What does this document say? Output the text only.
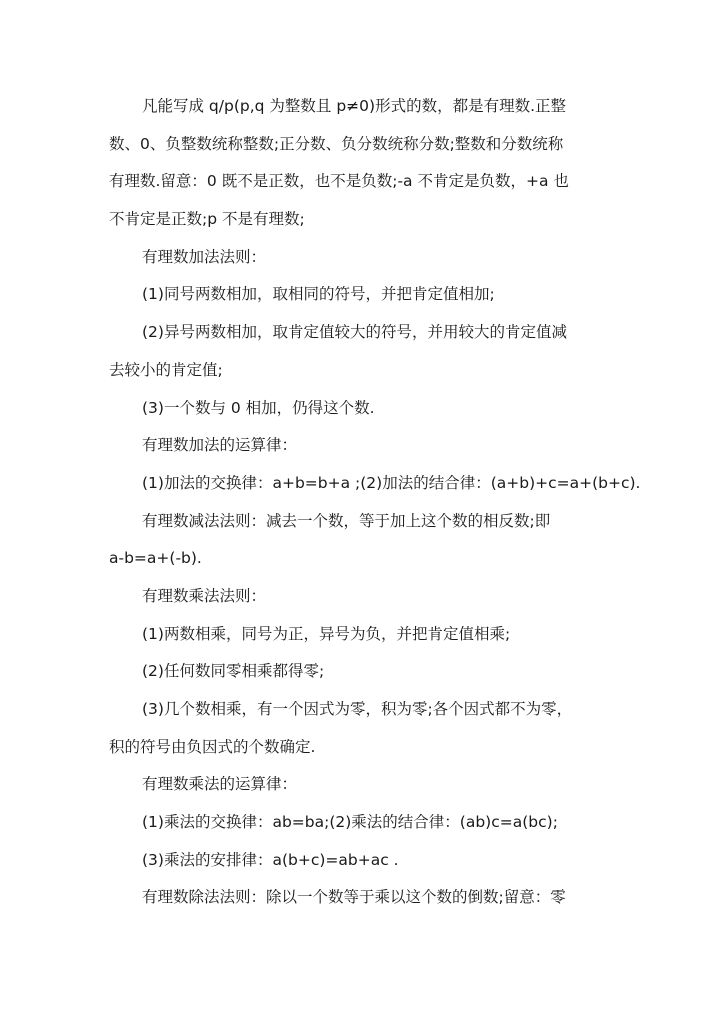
凡能写成 q/p(p,q 为整数且 p≠0)形式的数，都是有理数.正整
数、0、负整数统称整数;正分数、负分数统称分数;整数和分数统称
有理数.留意：0 既不是正数，也不是负数;-a 不肯定是负数，+a 也
不肯定是正数;p 不是有理数;
有理数加法法则：
(1)同号两数相加，取相同的符号，并把肯定值相加;
(2)异号两数相加，取肯定值较大的符号，并用较大的肯定值减
去较小的肯定值;
(3)一个数与 0 相加，仍得这个数.
有理数加法的运算律：
(1)加法的交换律：a+b=b+a ;(2)加法的结合律：(a+b)+c=a+(b+c).
有理数减法法则：减去一个数，等于加上这个数的相反数;即
a-b=a+(-b).
有理数乘法法则：
(1)两数相乘，同号为正，异号为负，并把肯定值相乘;
(2)任何数同零相乘都得零;
(3)几个数相乘，有一个因式为零，积为零;各个因式都不为零，
积的符号由负因式的个数确定.
有理数乘法的运算律：
(1)乘法的交换律：ab=ba;(2)乘法的结合律：(ab)c=a(bc);
(3)乘法的安排律：a(b+c)=ab+ac .
有理数除法法则：除以一个数等于乘以这个数的倒数;留意：零
